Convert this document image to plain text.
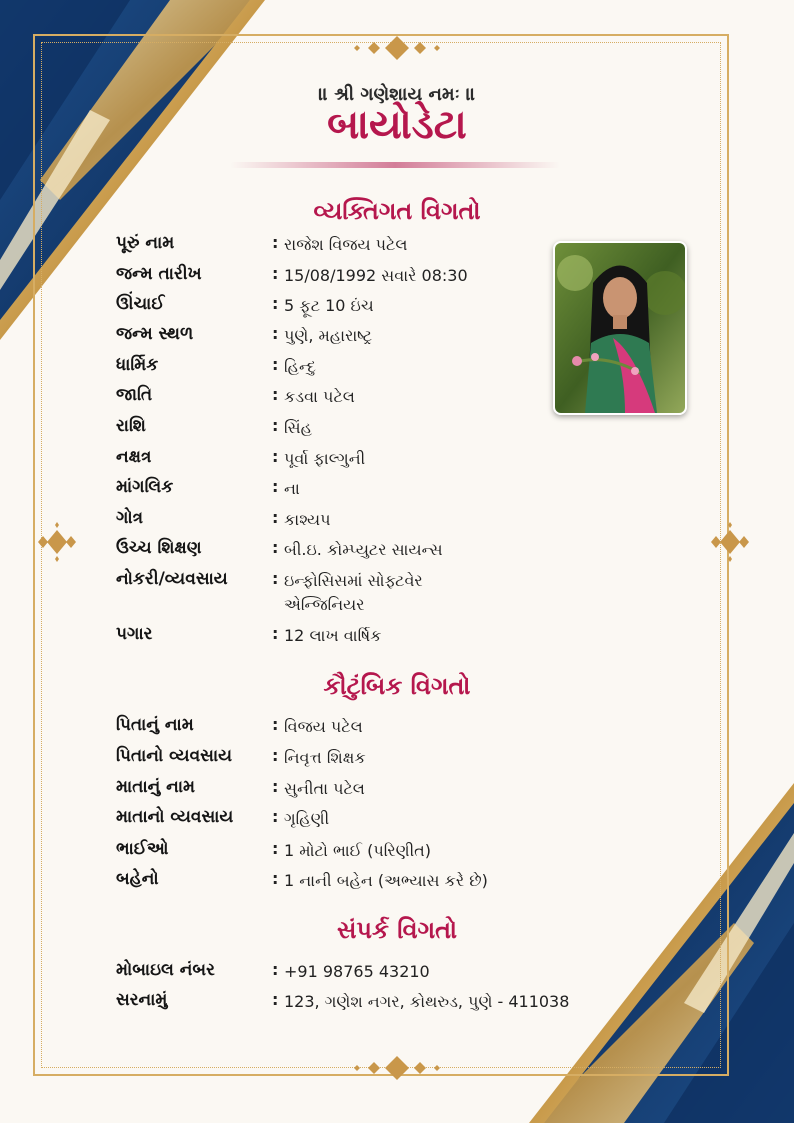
॥ શ્રી ગણેશાય નમઃ ॥
બાયોડેટા
વ્યક્તિગત વિગતો
પૂરું નામ	: રાજેશ વિજય પટેલ
જન્મ તારીખ	: 15/08/1992 સવારે 08:30
ઊંચાઈ	: 5 ફૂટ 10 ઇંચ
જન્મ સ્થળ	: પુણે, મહારાષ્ટ્ર
ધાર્મિક	: હિન્દુ
જાતિ	: કડવા પટેલ
રાશિ	: સિંહ
નક્ષત્ર	: પૂર્વા ફાલ્ગુની
માંગલિક	: ના
ગોત્ર	: કાશ્યપ
ઉચ્ચ શિક્ષણ	: બી.ઇ. કોમ્પ્યુટર સાયન્સ
નોકરી/વ્યવસાય	: ઇન્ફોસિસમાં સોફ્ટવેર એન્જિનિયર
પગાર	: 12 લાખ વાર્ષિક
કૌટુંબિક વિગતો
પિતાનું નામ	: વિજય પટેલ
પિતાનો વ્યવસાય : નિવૃત્ત શિક્ષક
માતાનું નામ	: સુનીતા પટેલ
માતાનો વ્યવસાય : ગૃહિણી
ભાઈઓ	: 1 મોટો ભાઈ (પરિણીત)
બહેનો	: 1 નાની બહેન (અભ્યાસ કરે છે)
સંપર્ક વિગતો
મોબાઇલ નંબર	: +91 98765 43210
સરનામું	: 123, ગણેશ નગર, કોથરુડ, પુણે - 411038
